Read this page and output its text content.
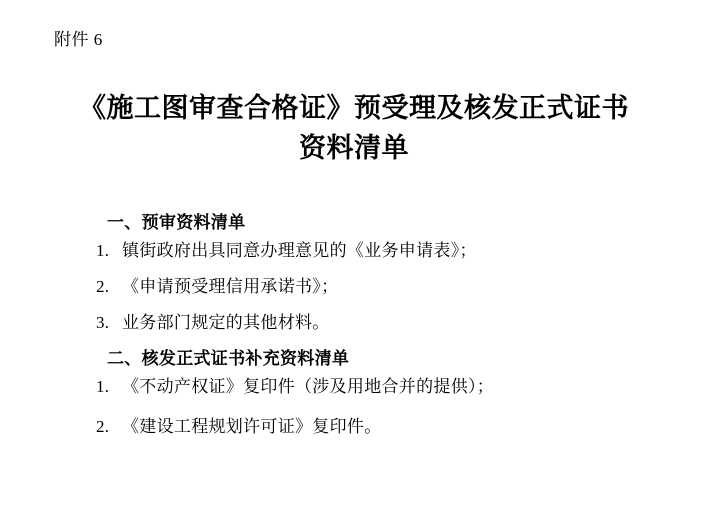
附件 6
《施工图审查合格证》预受理及核发正式证书
资料清单
一、预审资料清单
1. 镇街政府出具同意办理意见的《业务申请表》；
2. 《申请预受理信用承诺书》；
3. 业务部门规定的其他材料。
二、核发正式证书补充资料清单
1. 《不动产权证》复印件（涉及用地合并的提供）；
2. 《建设工程规划许可证》复印件。
